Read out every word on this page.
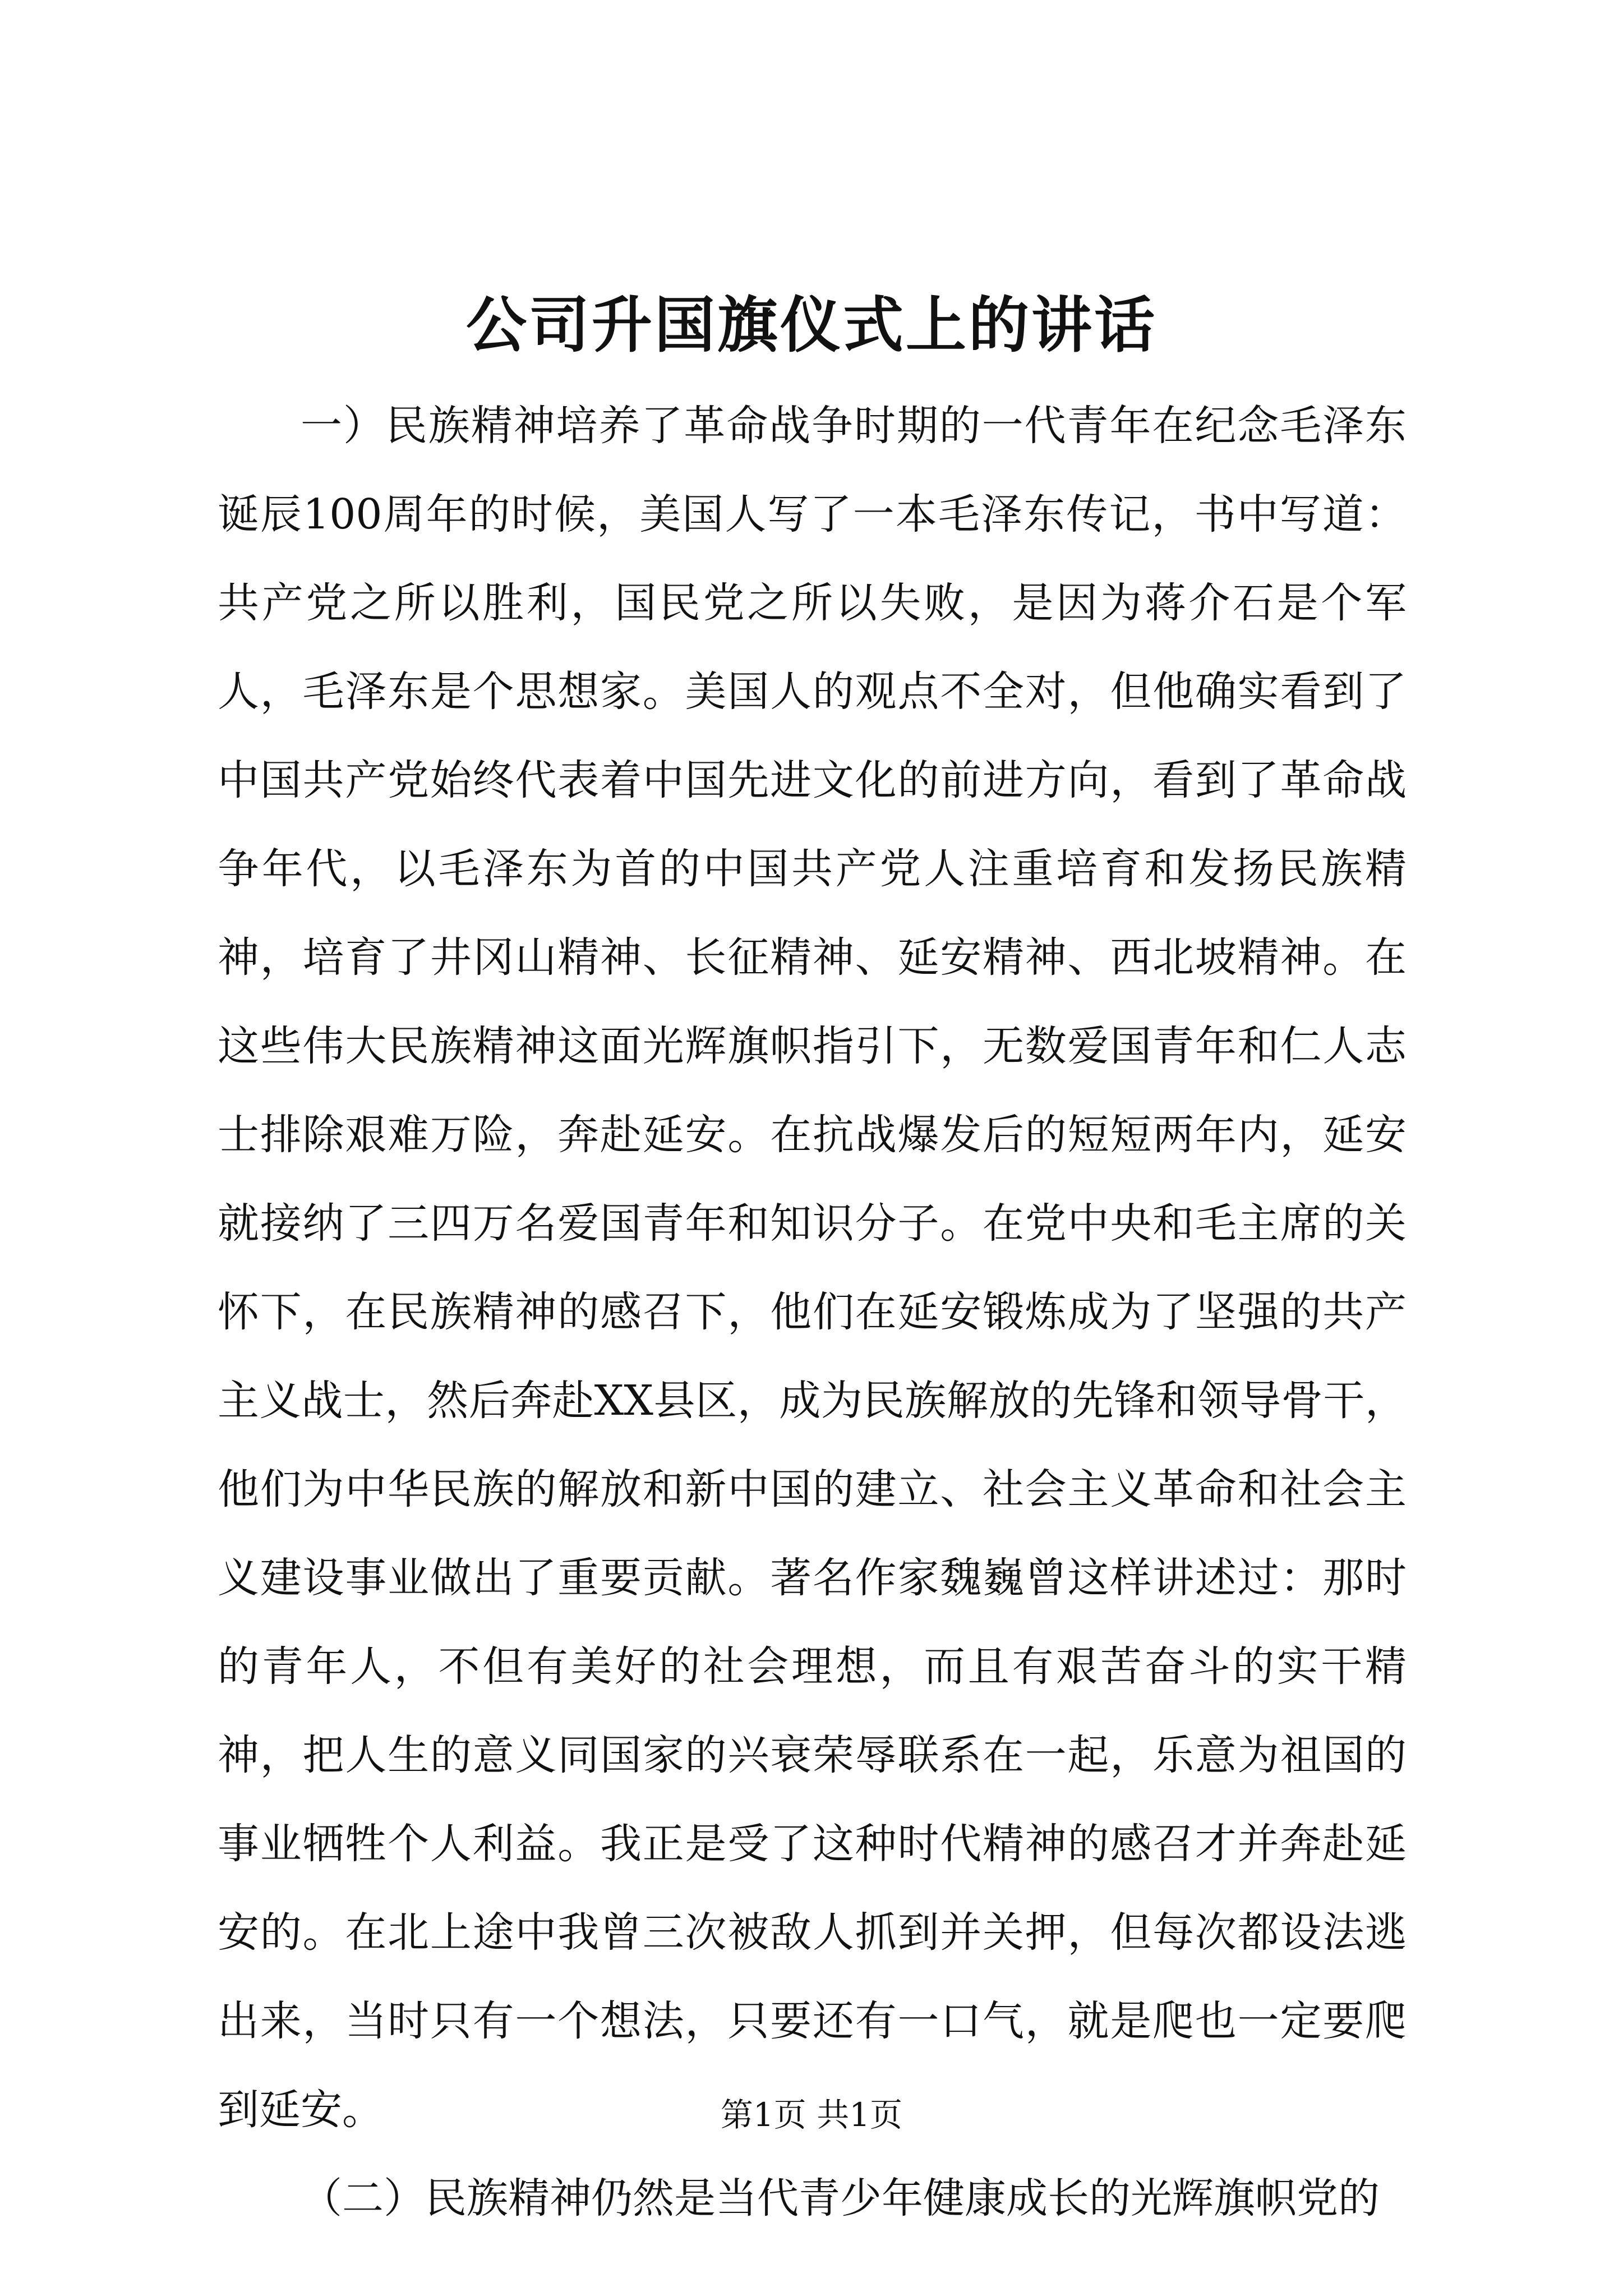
公司升国旗仪式上的讲话

一）民族精神培养了革命战争时期的一代青年在纪念毛泽东诞辰100周年的时候，美国人写了一本毛泽东传记，书中写道：共产党之所以胜利，国民党之所以失败，是因为蒋介石是个军人，毛泽东是个思想家。美国人的观点不全对，但他确实看到了中国共产党始终代表着中国先进文化的前进方向，看到了革命战争年代，以毛泽东为首的中国共产党人注重培育和发扬民族精神，培育了井冈山精神、长征精神、延安精神、西北坡精神。在这些伟大民族精神这面光辉旗帜指引下，无数爱国青年和仁人志士排除艰难万险，奔赴延安。在抗战爆发后的短短两年内，延安就接纳了三四万名爱国青年和知识分子。在党中央和毛主席的关怀下，在民族精神的感召下，他们在延安锻炼成为了坚强的共产主义战士，然后奔赴XX县区，成为民族解放的先锋和领导骨干，他们为中华民族的解放和新中国的建立、社会主义革命和社会主义建设事业做出了重要贡献。著名作家魏巍曾这样讲述过：那时的青年人，不但有美好的社会理想，而且有艰苦奋斗的实干精神，把人生的意义同国家的兴衰荣辱联系在一起，乐意为祖国的事业牺牲个人利益。我正是受了这种时代精神的感召才并奔赴延安的。在北上途中我曾三次被敌人抓到并关押，但每次都设法逃出来，当时只有一个想法，只要还有一口气，就是爬也一定要爬到延安。

（二）民族精神仍然是当代青少年健康成长的光辉旗帜党的

第1页 共1页
